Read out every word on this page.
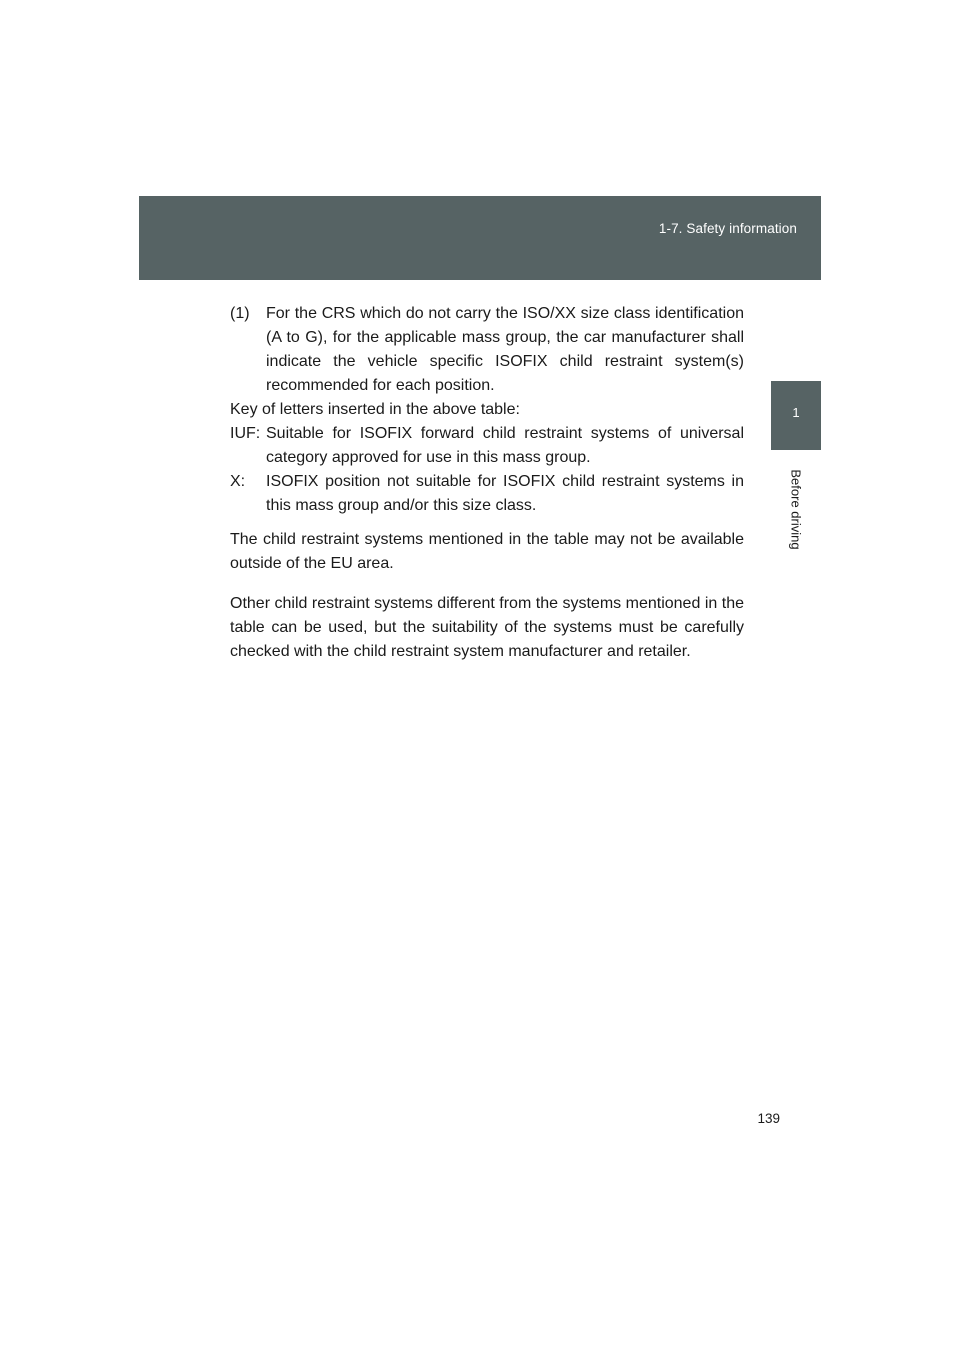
1-7. Safety information
1
Before driving
(1)	For the CRS which do not carry the ISO/XX size class identification (A to G), for the applicable mass group, the car manufacturer shall indicate the vehicle specific ISOFIX child restraint system(s) recommended for each position.

Key of letters inserted in the above table:

IUF: Suitable for ISOFIX forward child restraint systems of universal category approved for use in this mass group.
X:	ISOFIX position not suitable for ISOFIX child restraint systems in this mass group and/or this size class.

The child restraint systems mentioned in the table may not be available outside of the EU area.

Other child restraint systems different from the systems mentioned in the table can be used, but the suitability of the systems must be carefully checked with the child restraint system manufacturer and retailer.

139
